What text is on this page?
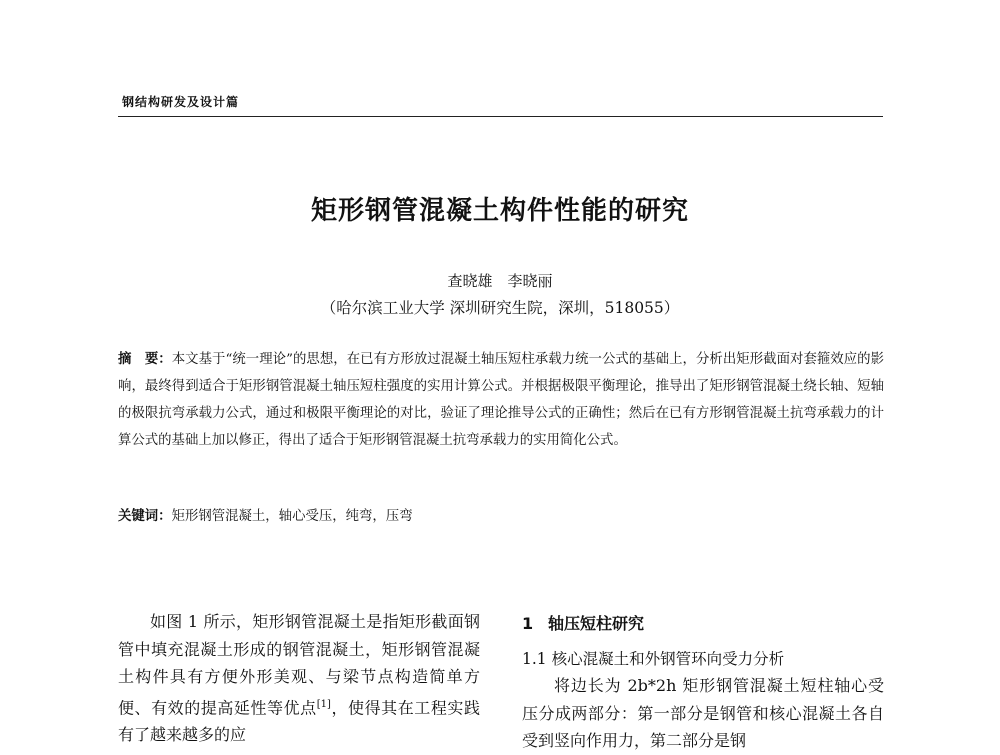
钢结构研发及设计篇
矩形钢管混凝土构件性能的研究
查晓雄　李晓丽
（哈尔滨工业大学 深圳研究生院，深圳，518055）
摘　要：本文基于“统一理论”的思想，在已有方形放过混凝土轴压短柱承载力统一公式的基础上，分析出矩形截面对套箍效应的影响，最终得到适合于矩形钢管混凝土轴压短柱强度的实用计算公式。并根据极限平衡理论，推导出了矩形钢管混凝土绕长轴、短轴的极限抗弯承载力公式，通过和极限平衡理论的对比，验证了理论推导公式的正确性；然后在已有方形钢管混凝土抗弯承载力的计算公式的基础上加以修正，得出了适合于矩形钢管混凝土抗弯承载力的实用简化公式。
关键词：矩形钢管混凝土，轴心受压，纯弯，压弯

如图 1 所示，矩形钢管混凝土是指矩形截面钢管中填充混凝土形成的钢管混凝土，矩形钢管混凝土构件具有方便外形美观、与梁节点构造简单方便、有效的提高延性等优点[1]，使得其在工程实践有了越来越多的应

1 轴压短柱研究
1.1 核心混凝土和外钢管环向受力分析

将边长为 2b*2h 矩形钢管混凝土短柱轴心受压分成两部分：第一部分是钢管和核心混凝土各自受到竖向作用力，第二部分是钢
